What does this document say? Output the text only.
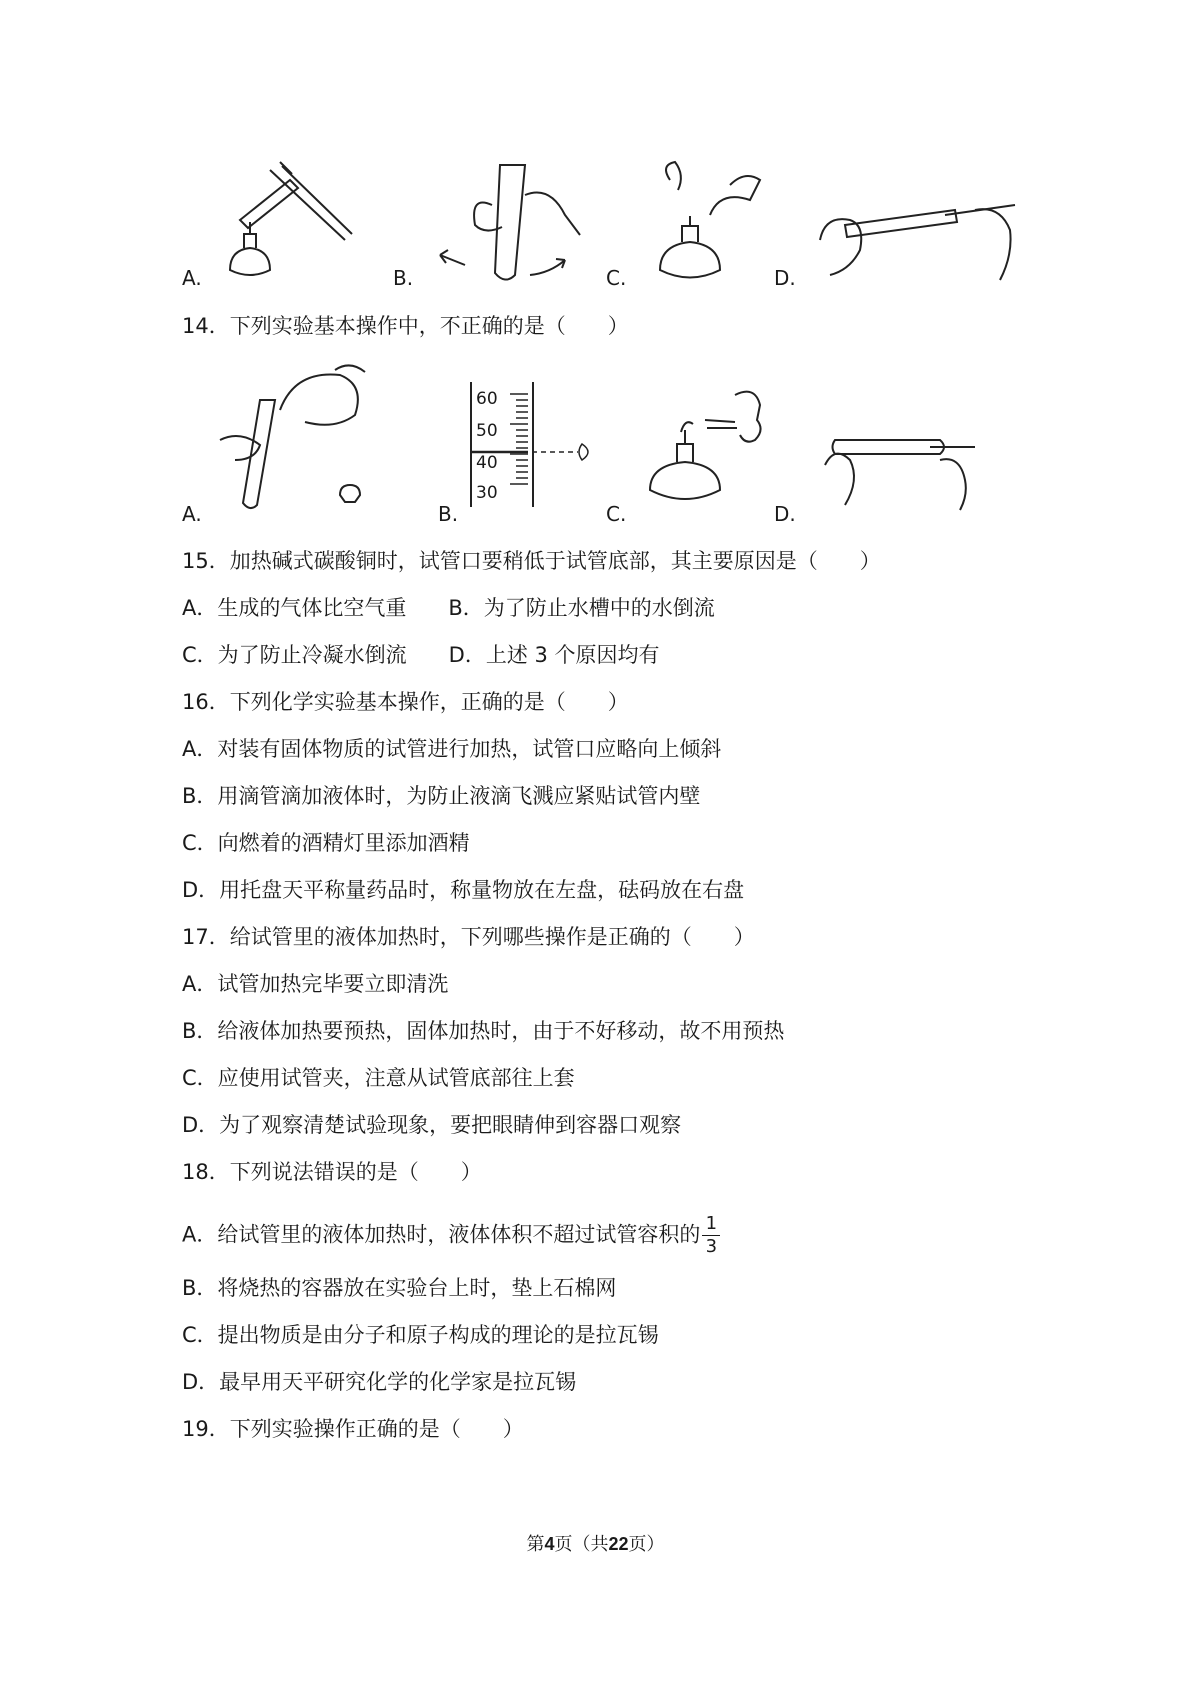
A.	B.	C.	D.
14．下列实验基本操作中，不正确的是（　　）
A.	B.
60
50
40
30
C.	D.
15．加热碱式碳酸铜时，试管口要稍低于试管底部，其主要原因是（　　）
A．生成的气体比空气重　　B．为了防止水槽中的水倒流
C．为了防止冷凝水倒流　　D．上述 3 个原因均有
16．下列化学实验基本操作，正确的是（　　）
A．对装有固体物质的试管进行加热，试管口应略向上倾斜
B．用滴管滴加液体时，为防止液滴飞溅应紧贴试管内壁
C．向燃着的酒精灯里添加酒精
D．用托盘天平称量药品时，称量物放在左盘，砝码放在右盘
17．给试管里的液体加热时，下列哪些操作是正确的（　　）
A．试管加热完毕要立即清洗
B．给液体加热要预热，固体加热时，由于不好移动，故不用预热
C．应使用试管夹，注意从试管底部往上套
D．为了观察清楚试验现象，要把眼睛伸到容器口观察
18．下列说法错误的是（　　）
A．给试管里的液体加热时，液体体积不超过试管容积的 $\frac{1}{3}$
B．将烧热的容器放在实验台上时，垫上石棉网
C．提出物质是由分子和原子构成的理论的是拉瓦锡
D．最早用天平研究化学的化学家是拉瓦锡
19．下列实验操作正确的是（　　）
第4页（共22页）
